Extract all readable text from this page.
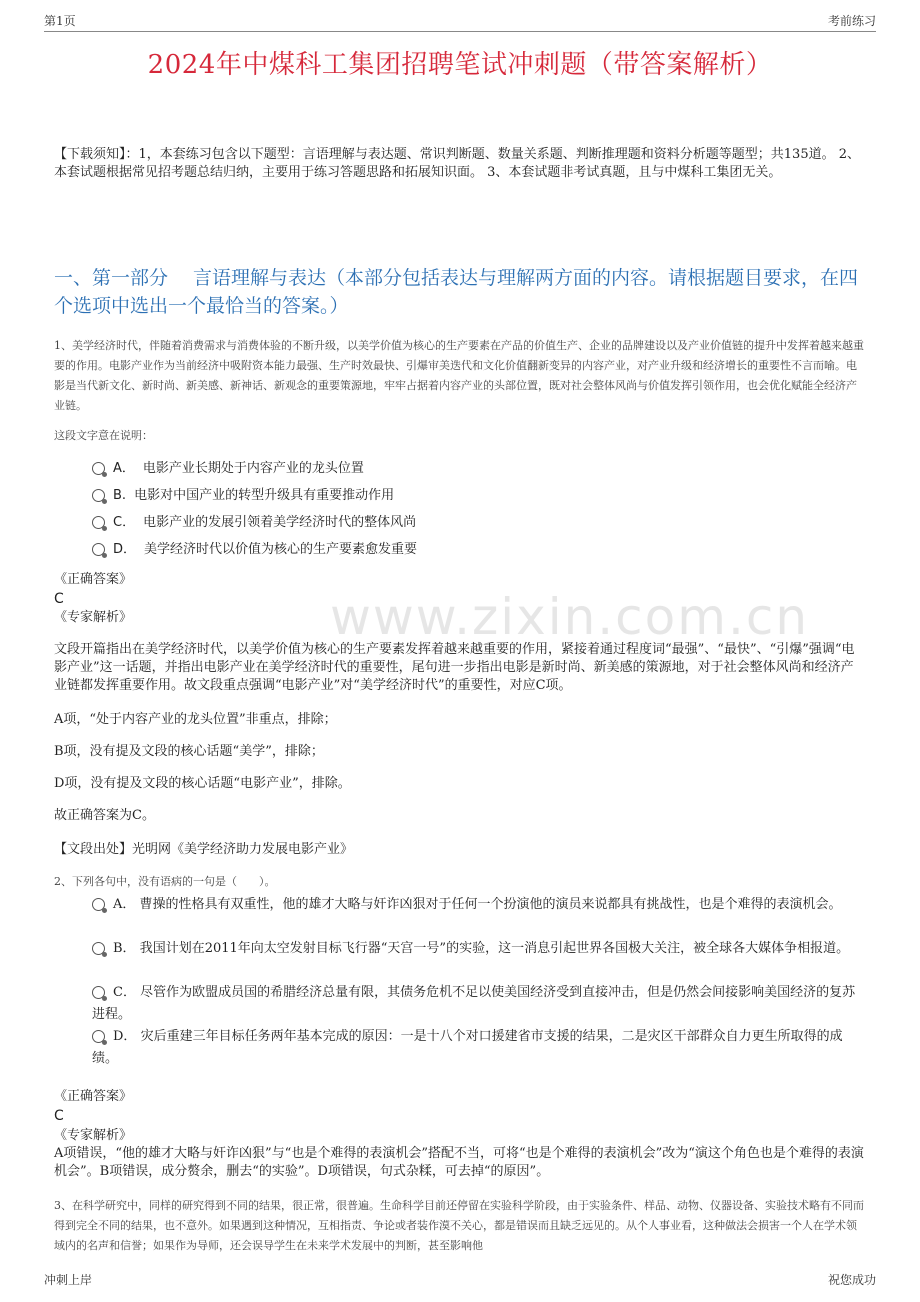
第1页	考前练习
2024年中煤科工集团招聘笔试冲刺题（带答案解析）
【下载须知】：1，本套练习包含以下题型：言语理解与表达题、常识判断题、数量关系题、判断推理题和资料分析题等题型；共135道。 2、本套试题根据常见招考题总结归纳，主要用于练习答题思路和拓展知识面。 3、本套试题非考试真题，且与中煤科工集团无关。
一、第一部分　 言语理解与表达（本部分包括表达与理解两方面的内容。请根据题目要求，在四个选项中选出一个最恰当的答案。）
1、美学经济时代，伴随着消费需求与消费体验的不断升级，以美学价值为核心的生产要素在产品的价值生产、企业的品牌建设以及产业价值链的提升中发挥着越来越重要的作用。电影产业作为当前经济中吸附资本能力最强、生产时效最快、引爆审美迭代和文化价值翻新变异的内容产业，对产业升级和经济增长的重要性不言而喻。电影是当代新文化、新时尚、新美感、新神话、新观念的重要策源地，牢牢占据着内容产业的头部位置，既对社会整体风尚与价值发挥引领作用，也会优化赋能全经济产业链。
这段文字意在说明：
A． 电影产业长期处于内容产业的龙头位置
B. 电影对中国产业的转型升级具有重要推动作用
C． 电影产业的发展引领着美学经济时代的整体风尚
D． 美学经济时代以价值为核心的生产要素愈发重要
《正确答案》
C
《专家解析》	www.zixin.com.cn
文段开篇指出在美学经济时代，以美学价值为核心的生产要素发挥着越来越重要的作用，紧接着通过程度词“最强”、“最快”、“引爆”强调“电影产业”这一话题，并指出电影产业在美学经济时代的重要性，尾句进一步指出电影是新时尚、新美感的策源地，对于社会整体风尚和经济产业链都发挥重要作用。故文段重点强调“电影产业”对“美学经济时代”的重要性，对应C项。
A项，“处于内容产业的龙头位置”非重点，排除；
B项，没有提及文段的核心话题“美学”，排除；
D项，没有提及文段的核心话题“电影产业”，排除。
故正确答案为C。
【文段出处】光明网《美学经济助力发展电影产业》
2、下列各句中，没有语病的一句是（　　）。
A． 曹操的性格具有双重性，他的雄才大略与奸诈凶狠对于任何一个扮演他的演员来说都具有挑战性，也是个难得的表演机会。
B． 我国计划在2011年向太空发射目标飞行器“天宫一号”的实验，这一消息引起世界各国极大关注，被全球各大媒体争相报道。
C． 尽管作为欧盟成员国的希腊经济总量有限，其债务危机不足以使美国经济受到直接冲击，但是仍然会间接影响美国经济的复苏进程。
D． 灾后重建三年目标任务两年基本完成的原因：一是十八个对口援建省市支援的结果，二是灾区干部群众自力更生所取得的成绩。
《正确答案》
C
《专家解析》
A项错误，“他的雄才大略与奸诈凶狠”与“也是个难得的表演机会”搭配不当，可将“也是个难得的表演机会”改为“演这个角色也是个难得的表演机会”。B项错误，成分赘余，删去“的实验”。D项错误，句式杂糅，可去掉“的原因”。
3、在科学研究中，同样的研究得到不同的结果，很正常，很普遍。生命科学目前还停留在实验科学阶段，由于实验条件、样品、动物、仪器设备、实验技术略有不同而得到完全不同的结果，也不意外。如果遇到这种情况，互相指责、争论或者装作漠不关心，都是错误而且缺乏远见的。从个人事业看，这种做法会损害一个人在学术领域内的名声和信誉；如果作为导师，还会误导学生在未来学术发展中的判断，甚至影响他
冲刺上岸	祝您成功
